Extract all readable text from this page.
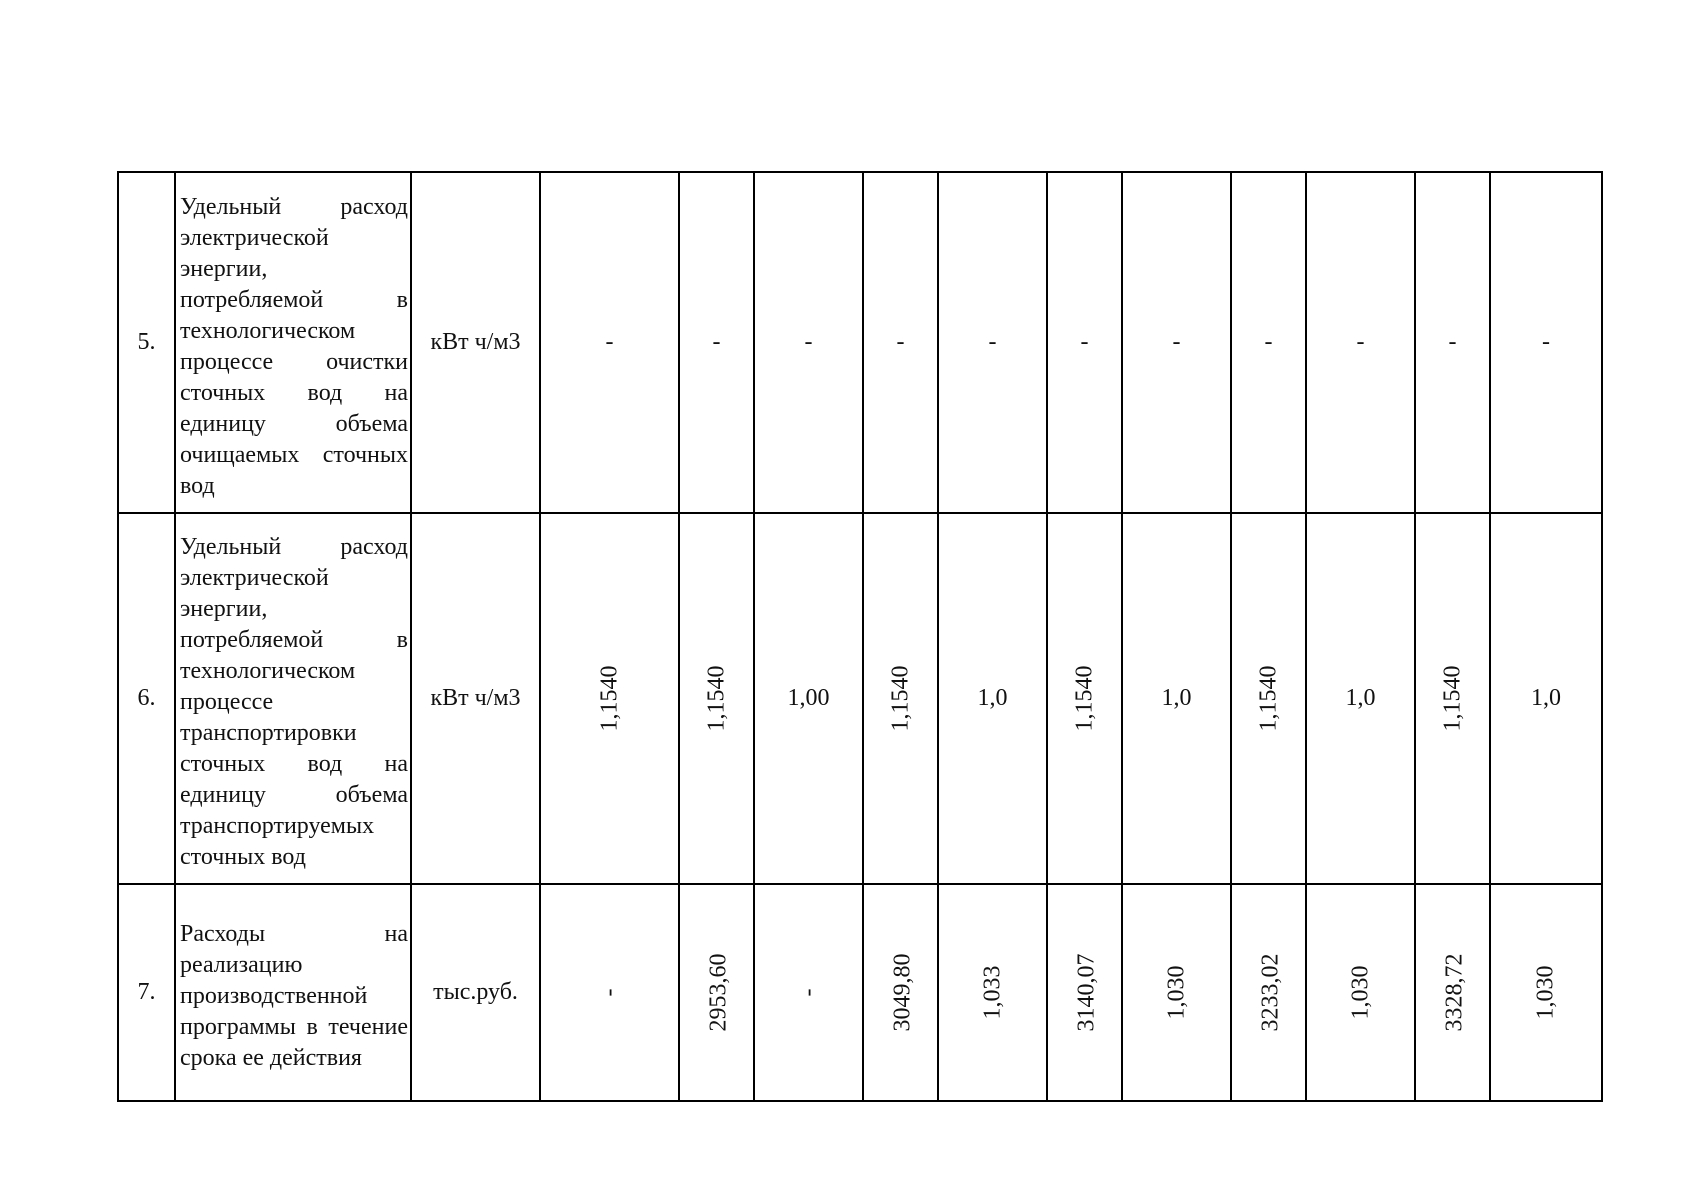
5.	Удельный расход электрической энергии, потребляемой в технологическом процессе очистки сточных вод на единицу объема очищаемых сточных вод	кВт ч/м3	-	-	-	-	-	-	-	-	-	-	-
6.	Удельный расход электрической энергии, потребляемой в технологическом процессе транспортировки сточных вод на единицу объема транспортируемых сточных вод	кВт ч/м3	1,1540	1,1540	1,00	1,1540	1,0	1,1540	1,0	1,1540	1,0	1,1540	1,0
7.	Расходы на реализацию производственной программы в течение срока ее действия	тыс.руб.	-	2953,60	-	3049,80	1,033	3140,07	1,030	3233,02	1,030	3328,72	1,030
